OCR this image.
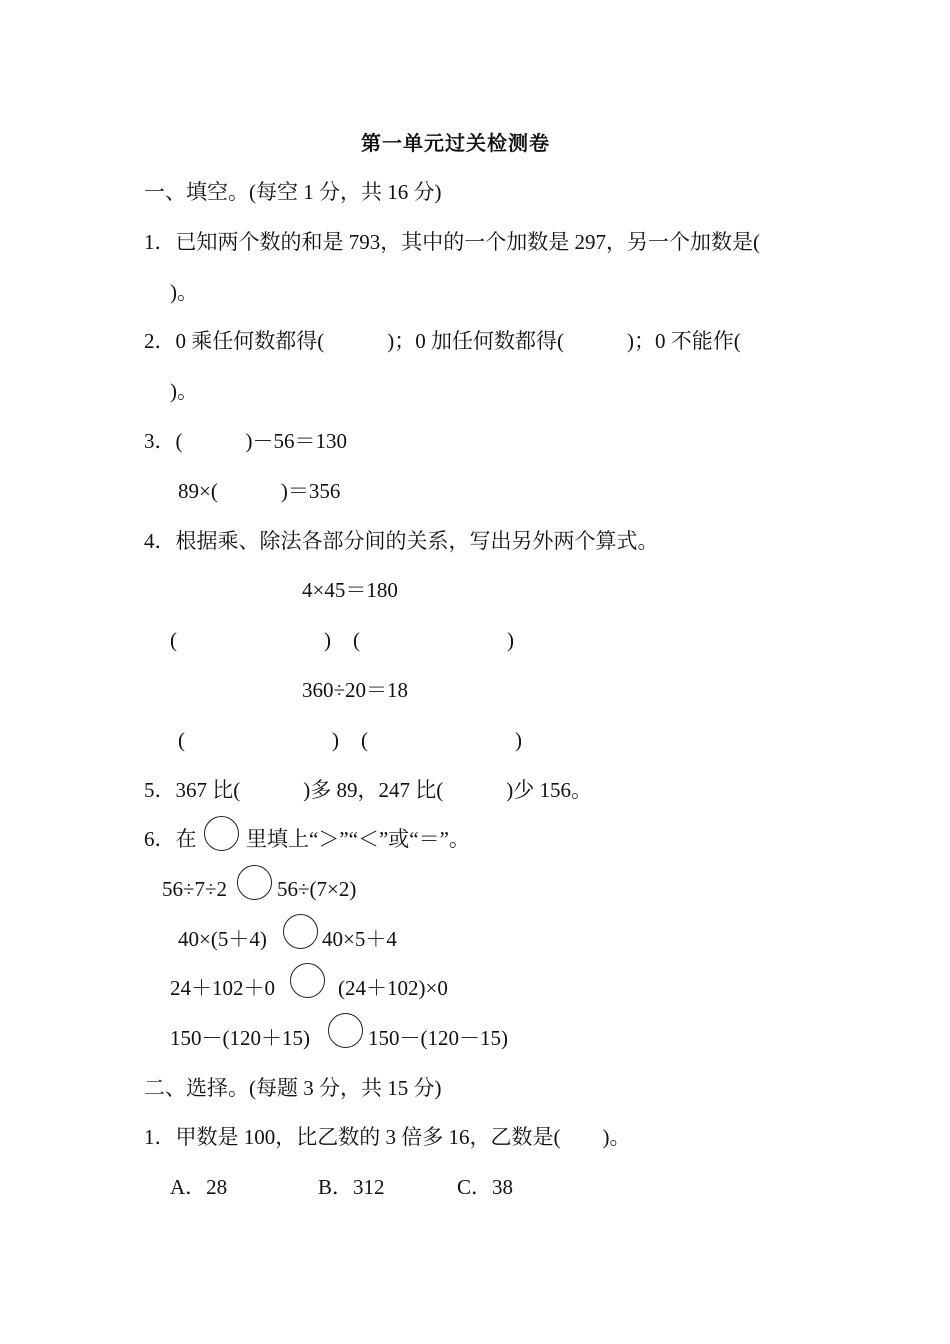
第一单元过关检测卷
一、填空。(每空 1 分，共 16 分)
1．已知两个数的和是 793，其中的一个加数是 297，另一个加数是(
)。
2．0 乘任何数都得(            )；0 加任何数都得(            )；0 不能作(
)。
3．(            )－56＝130
89×(            )＝356
4．根据乘、除法各部分间的关系，写出另外两个算式。
4×45＝180
(                            ) (                            )
360÷20＝18
(                            ) (                            )
5．367 比(            )多 89，247 比(            )少 156。
6．在 里填上“＞”“＜”或“＝”。
56÷7÷2 56÷(7×2)
40×(5＋4)	40×5＋4
24＋102＋0	(24＋102)×0
150－(120＋15)	150－(120－15)
二、选择。(每题 3 分，共 15 分)
1．甲数是 100，比乙数的 3 倍多 16，乙数是(        )。
A．28	B．312	C．38
